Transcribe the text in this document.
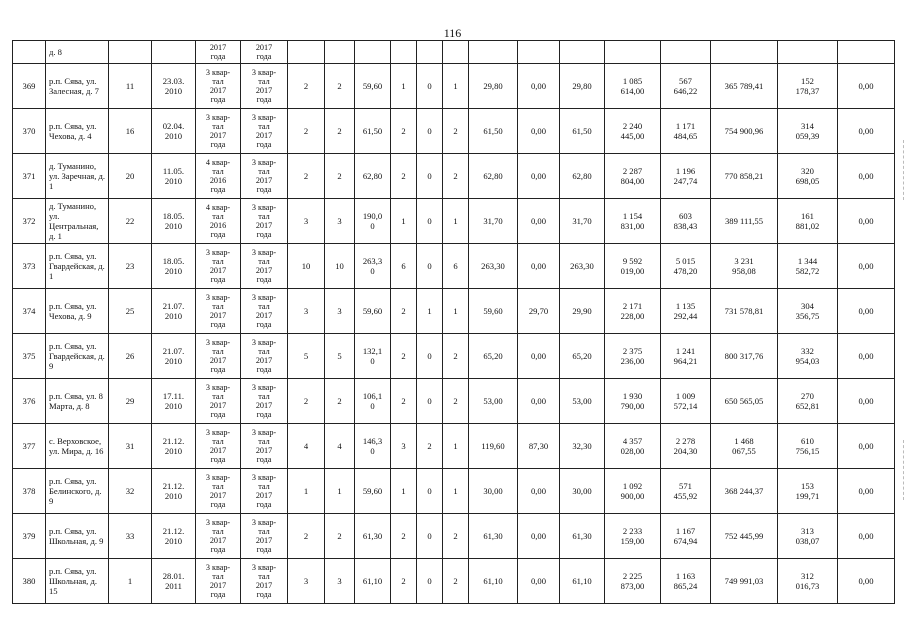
116
	д. 8			2017
года	2017
года														
369	р.п. Сява, ул. Залесная, д. 7	11	23.03.
2010	3 квар-
тал
2017
года	3 квар-
тал
2017
года	2	2	59,60	1	0	1	29,80	0,00	29,80	1 085
614,00	567
646,22	365 789,41	152
178,37	0,00
370	р.п. Сява, ул. Чехова, д. 4	16	02.04.
2010	3 квар-
тал
2017
года	3 квар-
тал
2017
года	2	2	61,50	2	0	2	61,50	0,00	61,50	2 240
445,00	1 171
484,65	754 900,96	314
059,39	0,00
371	д. Туманино, ул. Заречная, д. 1	20	11.05.
2010	4 квар-
тал
2016
года	3 квар-
тал
2017
года	2	2	62,80	2	0	2	62,80	0,00	62,80	2 287
804,00	1 196
247,74	770 858,21	320
698,05	0,00
372	д. Туманино, ул. Центральная, д. 1	22	18.05.
2010	4 квар-
тал
2016
года	3 квар-
тал
2017
года	3	3	190,0
0	1	0	1	31,70	0,00	31,70	1 154
831,00	603
838,43	389 111,55	161
881,02	0,00
373	р.п. Сява, ул. Гвардейская, д. 1	23	18.05.
2010	3 квар-
тал
2017
года	3 квар-
тал
2017
года	10	10	263,3
0	6	0	6	263,30	0,00	263,30	9 592
019,00	5 015
478,20	3 231
958,08	1 344
582,72	0,00
374	р.п. Сява, ул. Чехова, д. 9	25	21.07.
2010	3 квар-
тал
2017
года	3 квар-
тал
2017
года	3	3	59,60	2	1	1	59,60	29,70	29,90	2 171
228,00	1 135
292,44	731 578,81	304
356,75	0,00
375	р.п. Сява, ул. Гвардейская, д. 9	26	21.07.
2010	3 квар-
тал
2017
года	3 квар-
тал
2017
года	5	5	132,1
0	2	0	2	65,20	0,00	65,20	2 375
236,00	1 241
964,21	800 317,76	332
954,03	0,00
376	р.п. Сява, ул. 8 Марта, д. 8	29	17.11.
2010	3 квар-
тал
2017
года	3 квар-
тал
2017
года	2	2	106,1
0	2	0	2	53,00	0,00	53,00	1 930
790,00	1 009
572,14	650 565,05	270
652,81	0,00
377	с. Верховское, ул. Мира, д. 16	31	21.12.
2010	3 квар-
тал
2017
года	3 квар-
тал
2017
года	4	4	146,3
0	3	2	1	119,60	87,30	32,30	4 357
028,00	2 278
204,30	1 468
067,55	610
756,15	0,00
378	р.п. Сява, ул. Белинского, д. 9	32	21.12.
2010	3 квар-
тал
2017
года	3 квар-
тал
2017
года	1	1	59,60	1	0	1	30,00	0,00	30,00	1 092
900,00	571
455,92	368 244,37	153
199,71	0,00
379	р.п. Сява, ул. Школьная, д. 9	33	21.12.
2010	3 квар-
тал
2017
года	3 квар-
тал
2017
года	2	2	61,30	2	0	2	61,30	0,00	61,30	2 233
159,00	1 167
674,94	752 445,99	313
038,07	0,00
380	р.п. Сява, ул. Школьная, д. 15	1	28.01.
2011	3 квар-
тал
2017
года	3 квар-
тал
2017
года	3	3	61,10	2	0	2	61,10	0,00	61,10	2 225
873,00	1 163
865,24	749 991,03	312
016,73	0,00
